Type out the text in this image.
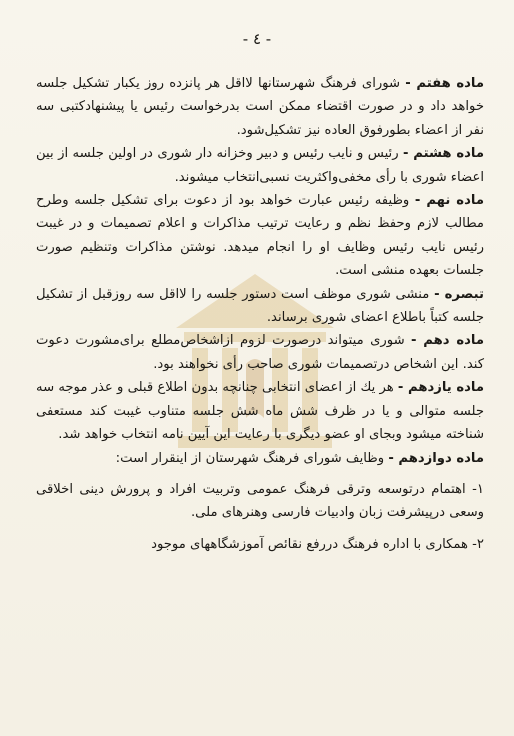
- ٤ -

ماده هفتم - شورای فرهنگ شهرستانها لااقل هر پانزده روز یکبار تشکیل جلسه خواهد داد و در صورت اقتضاء ممکن است بدرخواست رئیس یا پیشنهادکتبی سه نفر از اعضاء بطورفوق العاده نیز تشکیل‌شود.

ماده هشتم - رئیس و نایب رئیس و دبیر وخزانه دار شوری در اولین جلسه از بین اعضاء شوری با رأی مخفی‌واکثریت نسبی‌انتخاب میشوند.

ماده نهم - وظیفه رئیس عبارت خواهد بود از دعوت برای تشکیل جلسه وطرح مطالب لازم وحفظ نظم و رعایت ترتیب مذاکرات و اعلام تصمیمات و در غیبت رئیس نایب رئیس وظایف او را انجام میدهد. نوشتن مذاکرات وتنظیم صورت جلسات بعهده منشی است.

تبصره - منشی شوری موظف است دستور جلسه را لااقل سه روزقبل از تشکیل جلسه کتباً باطلاع اعضای شوری برساند.

ماده دهم - شوری میتواند درصورت لزوم ازاشخاص‌مطلع برای‌مشورت دعوت کند. این اشخاص درتصمیمات شوری صاحب رأی نخواهند بود.

ماده یازدهم - هر یك از اعضای انتخابی چنانچه بدون اطلاع قبلی و عذر موجه سه جلسه متوالی و یا در ظرف شش ماه شش جلسه متناوب غیبت کند مستعفی شناخته میشود وبجای او عضو دیگری با رعایت این آیین نامه انتخاب خواهد شد.

ماده دوازدهم - وظایف شورای فرهنگ شهرستان از اینقرار است:

۱- اهتمام درتوسعه وترقی فرهنگ عمومی وتربیت افراد و پرورش دینی اخلاقی وسعی درپیشرفت زبان وادبیات فارسی وهنرهای ملی.

۲- همکاری با اداره فرهنگ دررفع نقائص آموزشگاههای موجود
